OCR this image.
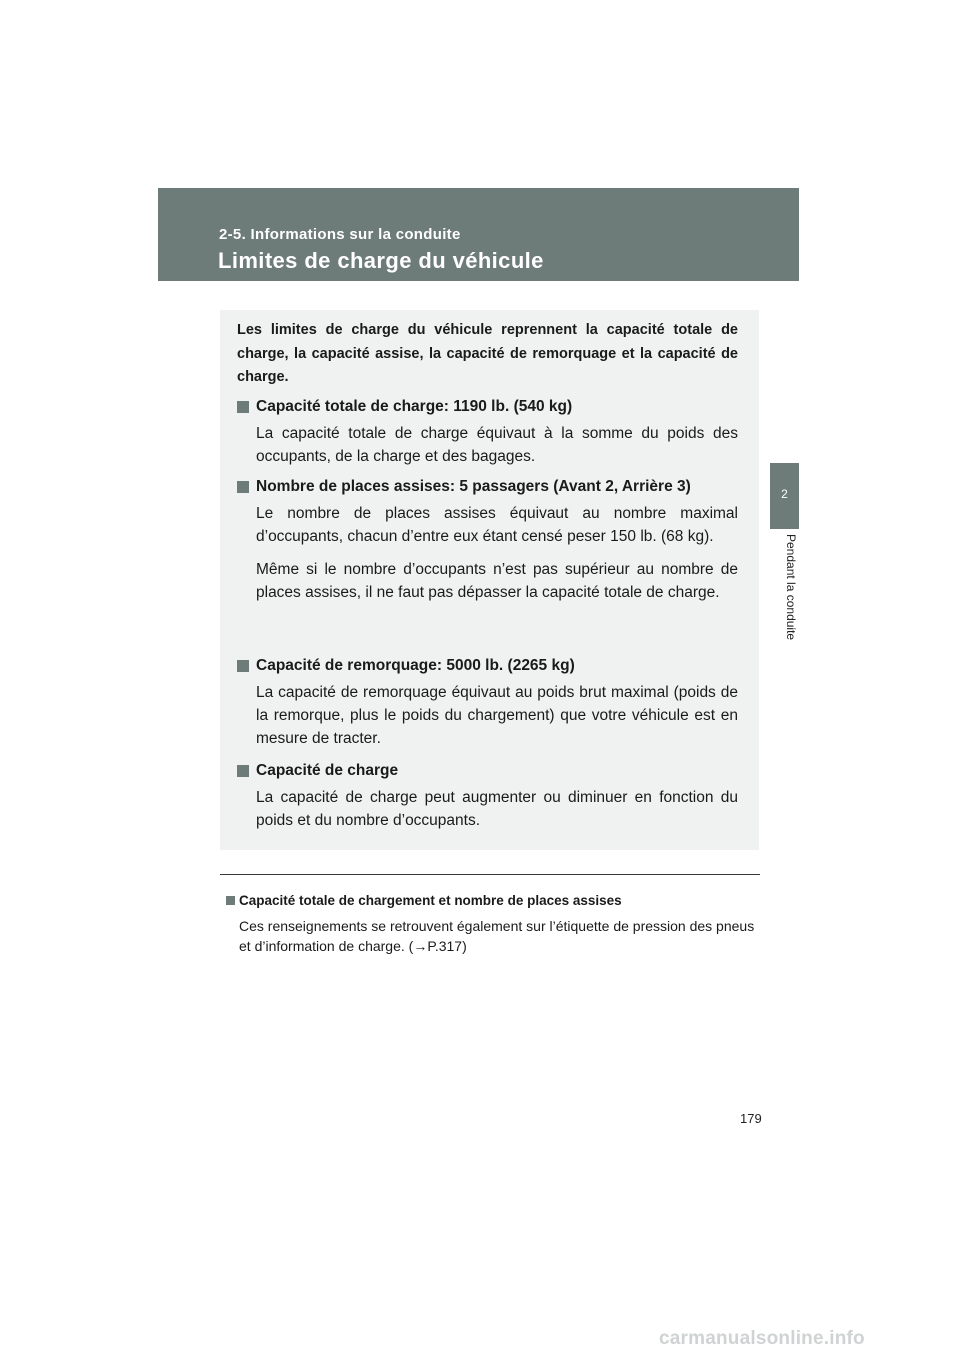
2-5. Informations sur la conduite
Limites de charge du véhicule
2
Pendant la conduite
Les limites de charge du véhicule reprennent la capacité totale de charge, la capacité assise, la capacité de remorquage et la capacité de charge.
Capacité totale de charge: 1190 lb. (540 kg)
La capacité totale de charge équivaut à la somme du poids des occupants, de la charge et des bagages.
Nombre de places assises: 5 passagers (Avant 2, Arrière 3)
Le nombre de places assises équivaut au nombre maximal d’occupants, chacun d’entre eux étant censé peser 150 lb. (68 kg).
Même si le nombre d’occupants n’est pas supérieur au nombre de places assises, il ne faut pas dépasser la capacité totale de charge.
Capacité de remorquage: 5000 lb. (2265 kg)
La capacité de remorquage équivaut au poids brut maximal (poids de la remorque, plus le poids du chargement) que votre véhicule est en mesure de tracter.
Capacité de charge
La capacité de charge peut augmenter ou diminuer en fonction du poids et du nombre d’occupants.
Capacité totale de chargement et nombre de places assises
Ces renseignements se retrouvent également sur l’étiquette de pression des pneus et d’information de charge. (→P.317)
179
carmanualsonline.info
